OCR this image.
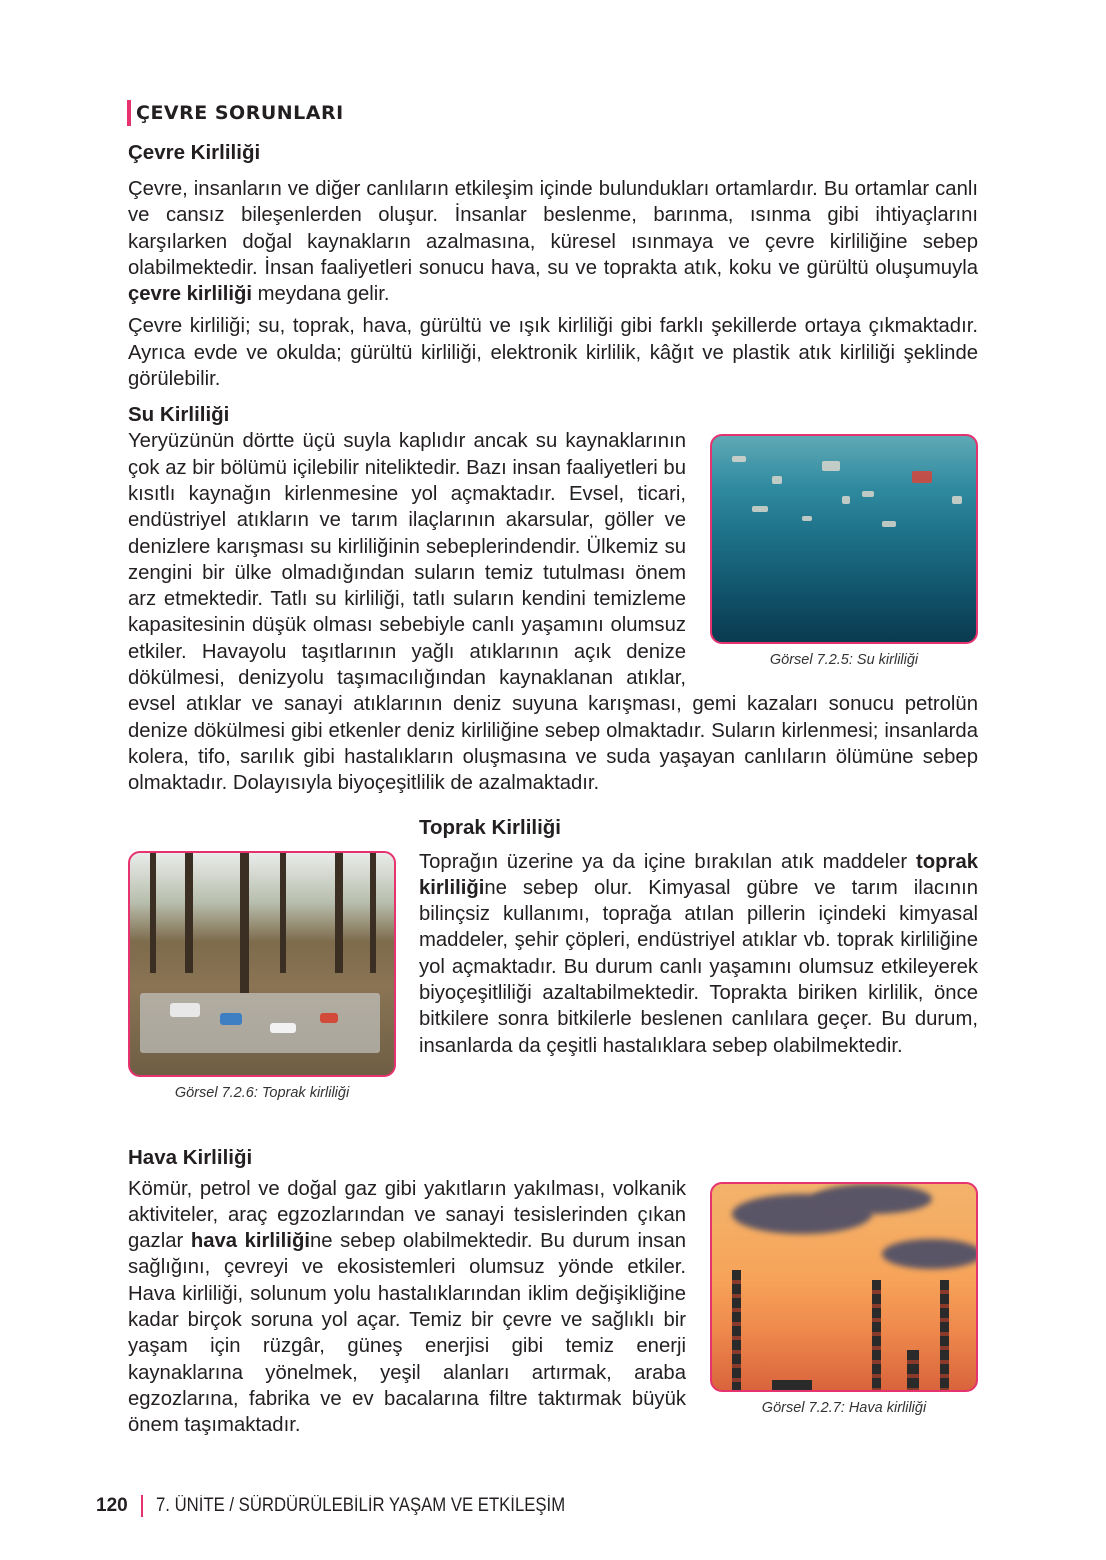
ÇEVRE SORUNLARI
Çevre Kirliliği

Çevre, insanların ve diğer canlıların etkileşim içinde bulundukları ortamlardır. Bu ortamlar canlı ve cansız bileşenlerden oluşur. İnsanlar beslenme, barınma, ısınma gibi ihtiyaçlarını karşılarken doğal kaynakların azalmasına, küresel ısınmaya ve çevre kirliliğine sebep olabilmektedir. İnsan faaliyetleri sonucu hava, su ve toprakta atık, koku ve gürültü oluşumuyla çevre kirliliği meydana gelir.

Çevre kirliliği; su, toprak, hava, gürültü ve ışık kirliliği gibi farklı şekillerde ortaya çıkmaktadır. Ayrıca evde ve okulda; gürültü kirliliği, elektronik kirlilik, kâğıt ve plastik atık kirliliği şeklinde görülebilir.

Su Kirliliği
Görsel 7.2.5: Su kirliliği

Yeryüzünün dörtte üçü suyla kaplıdır ancak su kaynaklarının çok az bir bölümü içilebilir niteliktedir. Bazı insan faaliyetleri bu kısıtlı kaynağın kirlenmesine yol açmaktadır. Evsel, ticari, endüstriyel atıkların ve tarım ilaçlarının akarsular, göller ve denizlere karışması su kirliliğinin sebeplerindendir. Ülkemiz su zengini bir ülke olmadığından suların temiz tutulması önem arz etmektedir. Tatlı su kirliliği, tatlı suların kendini temizleme kapasitesinin düşük olması sebebiyle canlı yaşamını olumsuz etkiler. Havayolu taşıtlarının yağlı atıklarının açık denize dökülmesi, denizyolu taşımacılığından kaynaklanan atıklar, evsel atıklar ve sanayi atıklarının deniz suyuna karışması, gemi kazaları sonucu petrolün denize dökülmesi gibi etkenler deniz kirliliğine sebep olmaktadır. Suların kirlenmesi; insanlarda kolera, tifo, sarılık gibi hastalıkların oluşmasına ve suda yaşayan canlıların ölümüne sebep olmaktadır. Dolayısıyla biyoçeşitlilik de azalmaktadır.

Görsel 7.2.6: Toprak kirliliği
Toprak Kirliliği

Toprağın üzerine ya da içine bırakılan atık maddeler toprak kirliliğine sebep olur. Kimyasal gübre ve tarım ilacının bilinçsiz kullanımı, toprağa atılan pillerin içindeki kimyasal maddeler, şehir çöpleri, endüstriyel atıklar vb. toprak kirliliğine yol açmaktadır. Bu durum canlı yaşamını olumsuz etkileyerek biyoçeşitliliği azaltabilmektedir. Toprakta biriken kirlilik, önce bitkilere sonra bitkilerle beslenen canlılara geçer. Bu durum, insanlarda da çeşitli hastalıklara sebep olabilmektedir.

Hava Kirliliği
Görsel 7.2.7: Hava kirliliği

Kömür, petrol ve doğal gaz gibi yakıtların yakılması, volkanik aktiviteler, araç egzozlarından ve sanayi tesislerinden çıkan gazlar hava kirliliğine sebep olabilmektedir. Bu durum insan sağlığını, çevreyi ve ekosistemleri olumsuz yönde etkiler. Hava kirliliği, solunum yolu hastalıklarından iklim değişikliğine kadar birçok soruna yol açar. Temiz bir çevre ve sağlıklı bir yaşam için rüzgâr, güneş enerjisi gibi temiz enerji kaynaklarına yönelmek, yeşil alanları artırmak, araba egzozlarına, fabrika ve ev bacalarına filtre taktırmak büyük önem taşımaktadır.

120 7. ÜNİTE / SÜRDÜRÜLEBİLİR YAŞAM VE ETKİLEŞİM
